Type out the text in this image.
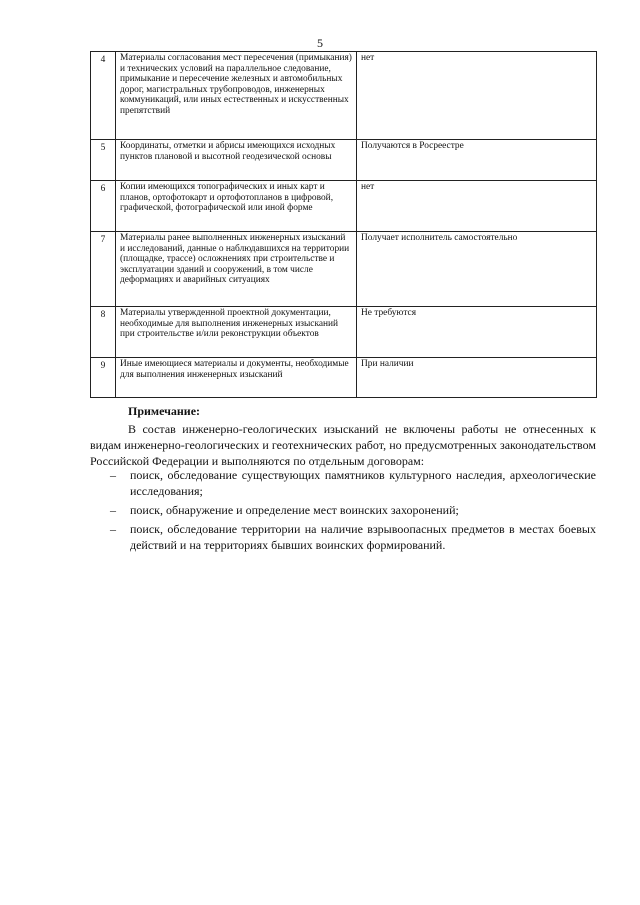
5
4	Материалы согласования мест пересечения (примыкания) и технических условий на параллельное следование, примыкание и пересечение железных и автомобильных дорог, магистральных трубопроводов, инженерных коммуникаций, или иных естественных и искусственных препятствий	нет
5	Координаты, отметки и абрисы имеющихся исходных пунктов плановой и высотной геодезической основы	Получаются в Росреестре
6	Копии имеющихся топографических и иных карт и планов, ортофотокарт и ортофотопланов в цифровой, графической, фотографической или иной форме	нет
7	Материалы ранее выполненных инженерных изысканий и исследований, данные о наблюдавшихся на территории (площадке, трассе) осложнениях при строительстве и эксплуатации зданий и сооружений, в том числе деформациях и аварийных ситуациях	Получает исполнитель самостоятельно
8	Материалы утвержденной проектной документации, необходимые для выполнения инженерных изысканий при строительстве и/или реконструкции объектов	Не требуются
9	Иные имеющиеся материалы и документы, необходимые для выполнения инженерных изысканий	При наличии
Примечание:
В состав инженерно-геологических изысканий не включены работы не отнесенных к видам инженерно-геологических и геотехнических работ, но предусмотренных законодательством Российской Федерации и выполняются по отдельным договорам:
– поиск, обследование существующих памятников культурного наследия, археологические исследования;
– поиск, обнаружение и определение мест воинских захоронений;
– поиск, обследование территории на наличие взрывоопасных предметов в местах боевых действий и на территориях бывших воинских формирований.
